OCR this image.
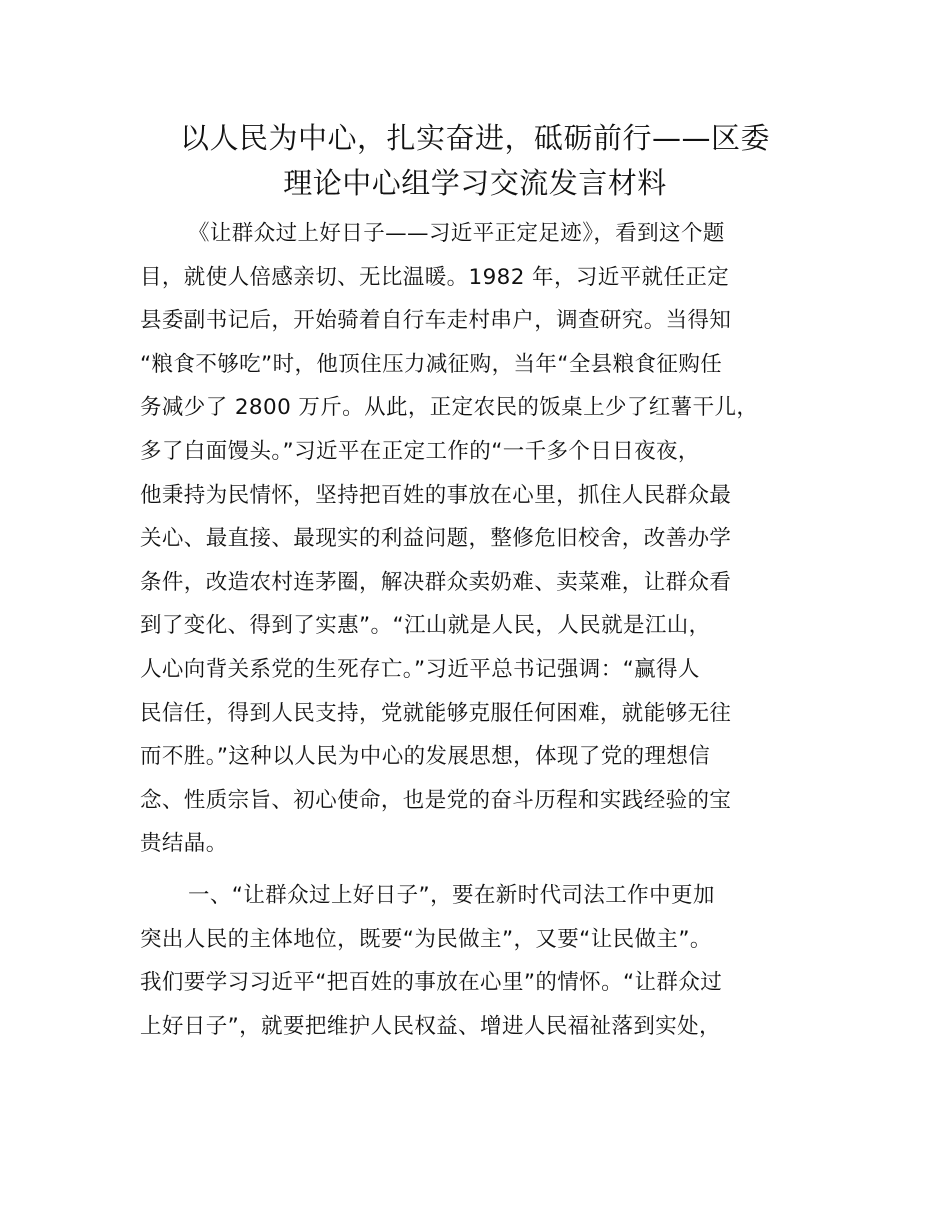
以人民为中心，扎实奋进，砥砺前行——区委
理论中心组学习交流发言材料
《让群众过上好日子——习近平正定足迹》，看到这个题
目，就使人倍感亲切、无比温暖。1982 年，习近平就任正定
县委副书记后，开始骑着自行车走村串户，调查研究。当得知
“粮食不够吃”时，他顶住压力减征购，当年“全县粮食征购任
务减少了 2800 万斤。从此，正定农民的饭桌上少了红薯干儿，
多了白面馒头。”习近平在正定工作的“一千多个日日夜夜，
他秉持为民情怀，坚持把百姓的事放在心里，抓住人民群众最
关心、最直接、最现实的利益问题，整修危旧校舍，改善办学
条件，改造农村连茅圈，解决群众卖奶难、卖菜难，让群众看
到了变化、得到了实惠”。“江山就是人民，人民就是江山，
人心向背关系党的生死存亡。”习近平总书记强调：“赢得人
民信任，得到人民支持，党就能够克服任何困难，就能够无往
而不胜。”这种以人民为中心的发展思想，体现了党的理想信
念、性质宗旨、初心使命，也是党的奋斗历程和实践经验的宝
贵结晶。
一、“让群众过上好日子”，要在新时代司法工作中更加
突出人民的主体地位，既要“为民做主”，又要“让民做主”。
我们要学习习近平“把百姓的事放在心里”的情怀。“让群众过
上好日子”，就要把维护人民权益、增进人民福祉落到实处，
